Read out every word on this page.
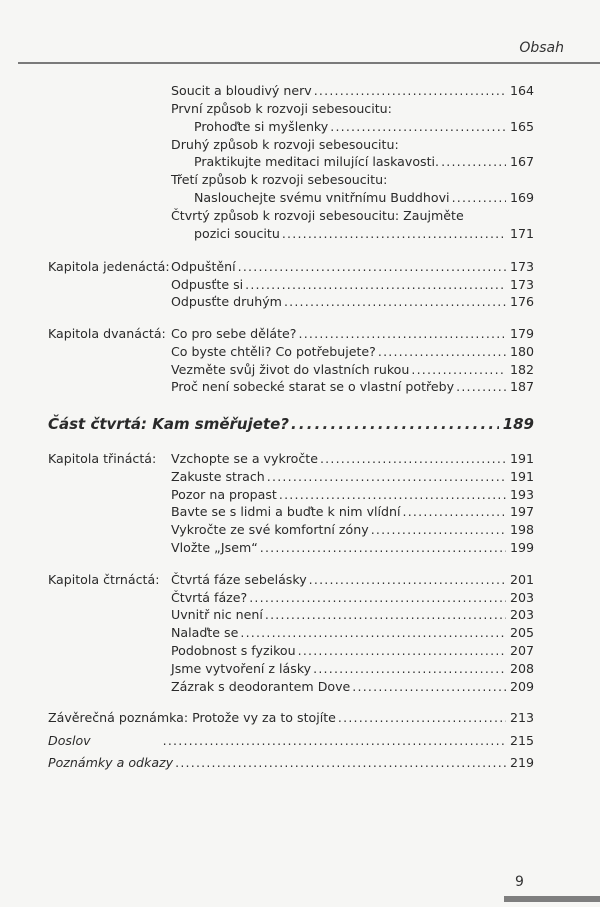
Obsah
Soucit a bloudivý nerv .....	164
První způsob k rozvoji sebesoucitu:
Prohoďte si myšlenky .....	165
Druhý způsob k rozvoji sebesoucitu:
Praktikujte meditaci milující laskavosti. .....	167
Třetí způsob k rozvoji sebesoucitu:
Naslouchejte svému vnitřnímu Buddhovi .....	169
Čtvrtý způsob k rozvoji sebesoucitu: Zaujměte
pozici soucitu .....	171
Kapitola jedenáctá: Odpuštění .....	173
Odpusťte si .....	173
Odpusťte druhým .....	176
Kapitola dvanáctá: Co pro sebe děláte? .....	179
Co byste chtěli? Co potřebujete? .....	180
Vezměte svůj život do vlastních rukou .....	182
Proč není sobecké starat se o vlastní potřeby .....	187
Část čtvrtá: Kam směřujete? .....	189
Kapitola třináctá: Vzchopte se a vykročte .....	191
Zakuste strach .....	191
Pozor na propast .....	193
Bavte se s lidmi a buďte k nim vlídní .....	197
Vykročte ze své komfortní zóny .....	198
Vložte „Jsem“ .....	199
Kapitola čtrnáctá: Čtvrtá fáze sebelásky .....	201
Čtvrtá fáze? .....	203
Uvnitř nic není .....	203
Nalaďte se .....	205
Podobnost s fyzikou .....	207
Jsme vytvoření z lásky .....	208
Zázrak s deodorantem Dove .....	209
Závěrečná poznámka: Protože vy za to stojíte .....	213
Doslov .....	215
Poznámky a odkazy .....	219
9
